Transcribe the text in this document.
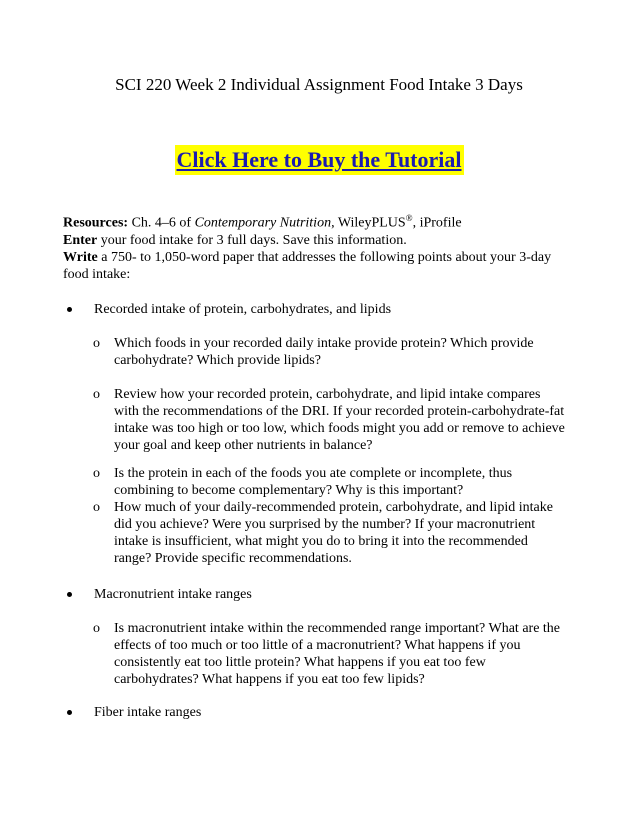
SCI 220 Week 2 Individual Assignment Food Intake 3 Days
Click Here to Buy the Tutorial

Resources: Ch. 4–6 of Contemporary Nutrition, WileyPLUS®, iProfile

Enter your food intake for 3 full days. Save this information.

Write a 750- to 1,050-word paper that addresses the following points about your 3-day food intake:

Recorded intake of protein, carbohydrates, and lipids
o	Which foods in your recorded daily intake provide protein? Which provide carbohydrate? Which provide lipids?
o	Review how your recorded protein, carbohydrate, and lipid intake compares with the recommendations of the DRI. If your recorded protein-carbohydrate-fat intake was too high or too low, which foods might you add or remove to achieve your goal and keep other nutrients in balance?
o	Is the protein in each of the foods you ate complete or incomplete, thus combining to become complementary? Why is this important?
o	How much of your daily-recommended protein, carbohydrate, and lipid intake did you achieve? Were you surprised by the number? If your macronutrient intake is insufficient, what might you do to bring it into the recommended range? Provide specific recommendations.
Macronutrient intake ranges
o	Is macronutrient intake within the recommended range important? What are the effects of too much or too little of a macronutrient? What happens if you consistently eat too little protein? What happens if you eat too few carbohydrates? What happens if you eat too few lipids?
Fiber intake ranges
